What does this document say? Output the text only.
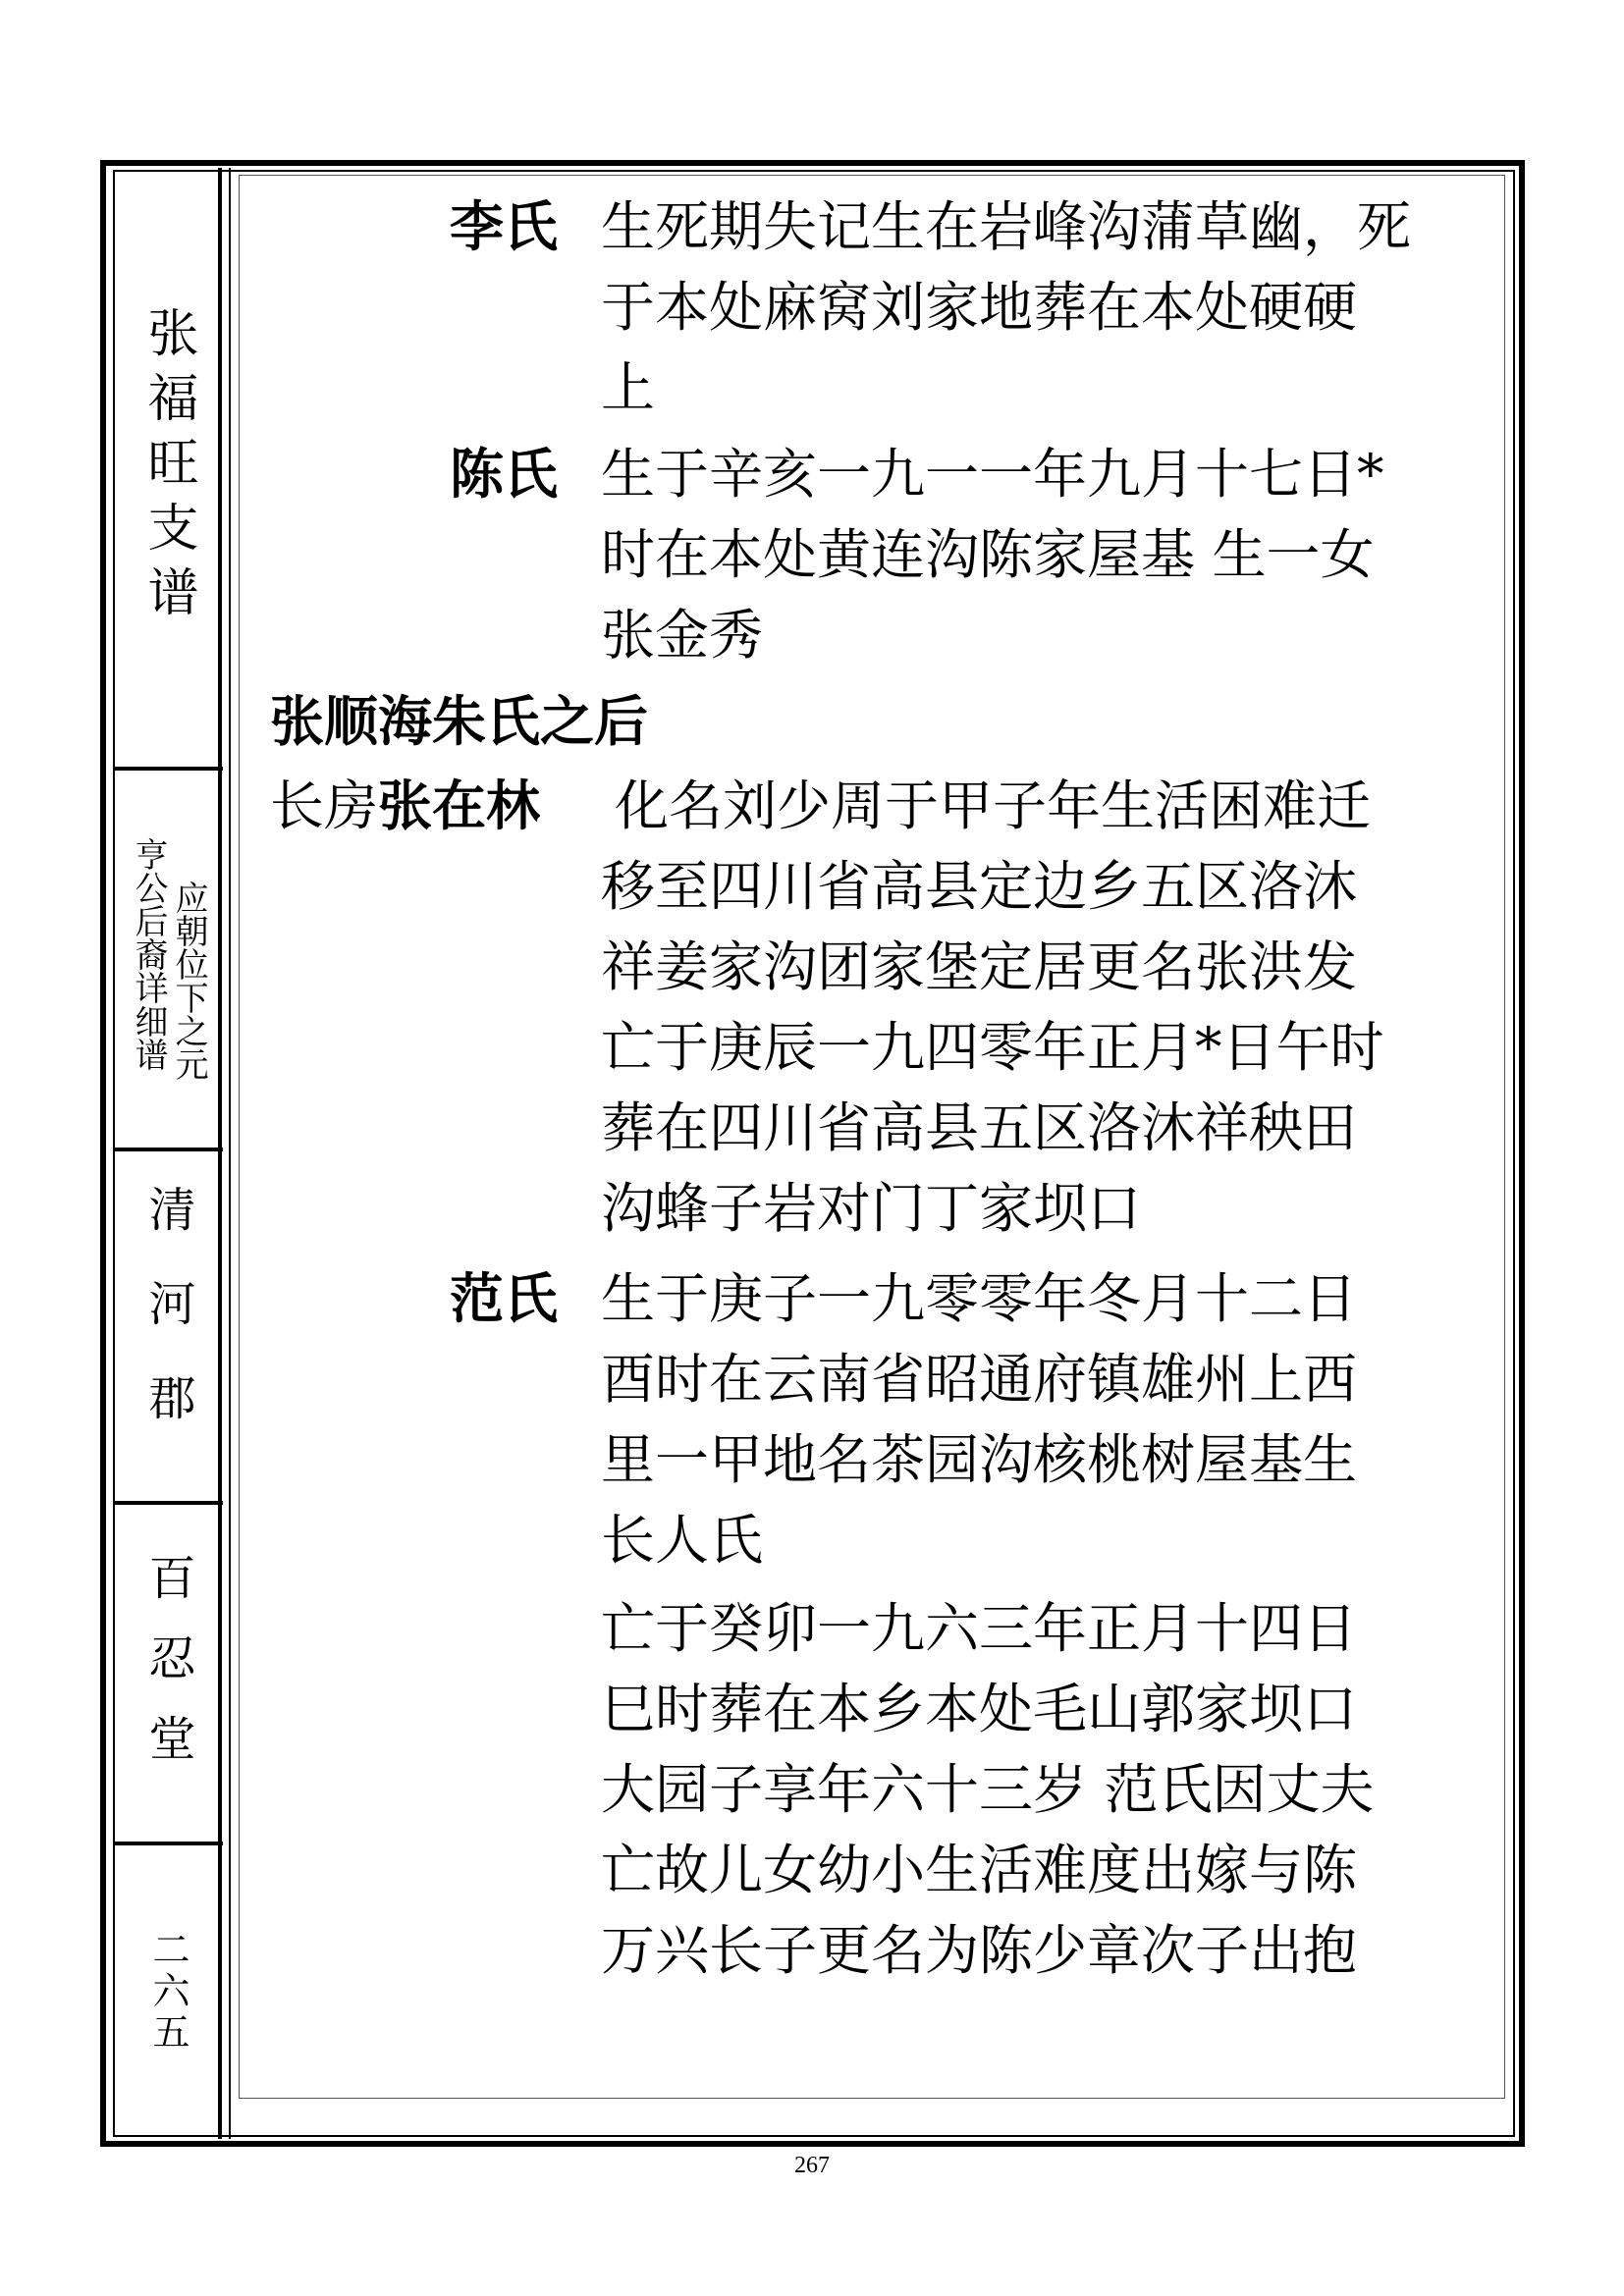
张福旺支谱
应朝位下之元
亨公后裔详细谱
清河郡
百忍堂
二六五
李氏 生死期失记生在岩峰沟蒲草幽，死
于本处麻窝刘家地葬在本处硬硬
上
陈氏 生于辛亥一九一一年九月十七日*
时在本处黄连沟陈家屋基 生一女
张金秀
张顺海朱氏之后
长房张在林 化名刘少周于甲子年生活困难迁
移至四川省高县定边乡五区洛沐
祥姜家沟团家堡定居更名张洪发
亡于庚辰一九四零年正月*日午时
葬在四川省高县五区洛沐祥秧田
沟蜂子岩对门丁家坝口
范氏 生于庚子一九零零年冬月十二日
酉时在云南省昭通府镇雄州上西
里一甲地名茶园沟核桃树屋基生
长人氏
亡于癸卯一九六三年正月十四日
巳时葬在本乡本处毛山郭家坝口
大园子享年六十三岁 范氏因丈夫
亡故儿女幼小生活难度出嫁与陈
万兴长子更名为陈少章次子出抱
267
